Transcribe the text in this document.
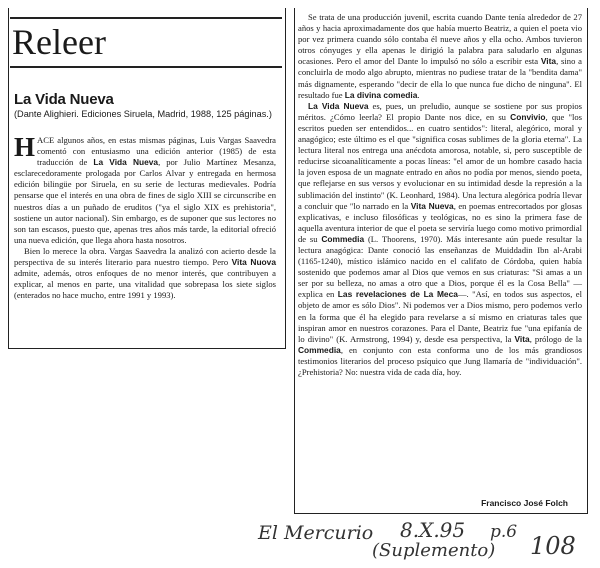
Releer
La Vida Nueva

(Dante Alighieri. Ediciones Siruela, Madrid, 1988, 125 páginas.)

HACE algunos años, en estas mismas páginas, Luis Vargas Saavedra comentó con entusiasmo una edición anterior (1985) de esta traducción de La Vida Nueva, por Julio Martínez Mesanza, esclarecedoramente prologada por Carlos Alvar y entregada en hermosa edición bilingüe por Siruela, en su serie de lecturas medievales. Podría pensarse que el interés en una obra de fines de siglo XIII se circunscribe en nuestros días a un puñado de eruditos ("ya el siglo XIX es prehistoria", sostiene un autor nacional). Sin embargo, es de suponer que sus lectores no son tan escasos, puesto que, apenas tres años más tarde, la editorial ofreció una nueva edición, que llega ahora hasta nosotros.

Bien lo merece la obra. Vargas Saavedra la analizó con acierto desde la perspectiva de su interés literario para nuestro tiempo. Pero Vita Nuova admite, además, otros enfoques de no menor interés, que contribuyen a explicar, al menos en parte, una vitalidad que sobrepasa los siete siglos (enterados no hace mucho, entre 1991 y 1993).

Se trata de una producción juvenil, escrita cuando Dante tenía alrededor de 27 años y hacia aproximadamente dos que había muerto Beatriz, a quien el poeta vio por vez primera cuando sólo contaba él nueve años y ella ocho. Ambos tuvieron otros cónyuges y ella apenas le dirigió la palabra para saludarlo en algunas ocasiones. Pero el amor del Dante lo impulsó no sólo a escribir esta Vita, sino a concluirla de modo algo abrupto, mientras no pudiese tratar de la "bendita dama" más dignamente, esperando "decir de ella lo que nunca fue dicho de ninguna". El resultado fue La divina comedia.

La Vida Nueva es, pues, un preludio, aunque se sostiene por sus propios méritos. ¿Cómo leerla? El propio Dante nos dice, en su Convivio, que "los escritos pueden ser entendidos... en cuatro sentidos": literal, alegórico, moral y anagógico; este último es el que "significa cosas sublimes de la gloria eterna". La lectura literal nos entrega una anécdota amorosa, notable, si, pero susceptible de reducirse sicoanalíticamente a pocas líneas: "el amor de un hombre casado hacia la joven esposa de un magnate entrado en años no podía por menos, siendo poeta, que reflejarse en sus versos y evolucionar en su intimidad desde la represión a la sublimación del instinto" (K. Leonhard, 1984). Una lectura alegórica podría llevar a concluir que "lo narrado en la Vita Nueva, en poemas entrecortados por glosas explicativas, e incluso filosóficas y teológicas, no es sino la primera fase de aquella aventura interior de que el poeta se serviría luego como motivo primordial de su Commedia (L. Thoorens, 1970). Más interesante aún puede resultar la lectura anagógica: Dante conoció las enseñanzas de Muiddadin Ibn al-Arabi (1165-1240), místico islámico nacido en el califato de Córdoba, quien había sostenido que podemos amar al Dios que vemos en sus criaturas: "Si amas a un ser por su belleza, no amas a otro que a Dios, porque él es la Cosa Bella" —explica en Las revelaciones de La Meca—. "Así, en todos sus aspectos, el objeto de amor es sólo Dios". Ni podemos ver a Dios mismo, pero podemos verlo en la forma que él ha elegido para revelarse a sí mismo en criaturas tales que inspiran amor en nuestros corazones. Para el Dante, Beatriz fue "una epifanía de lo divino" (K. Armstrong, 1994) y, desde esa perspectiva, la Vita, prólogo de la Commedia, en conjunto con esta conforma uno de los más grandiosos testimonios literarios del proceso psíquico que Jung llamaría de "individuación". ¿Prehistoria? No: nuestra vida de cada día, hoy.

Francisco José Folch
El Mercurio 8.X.95 p.6
(Suplemento) 108
